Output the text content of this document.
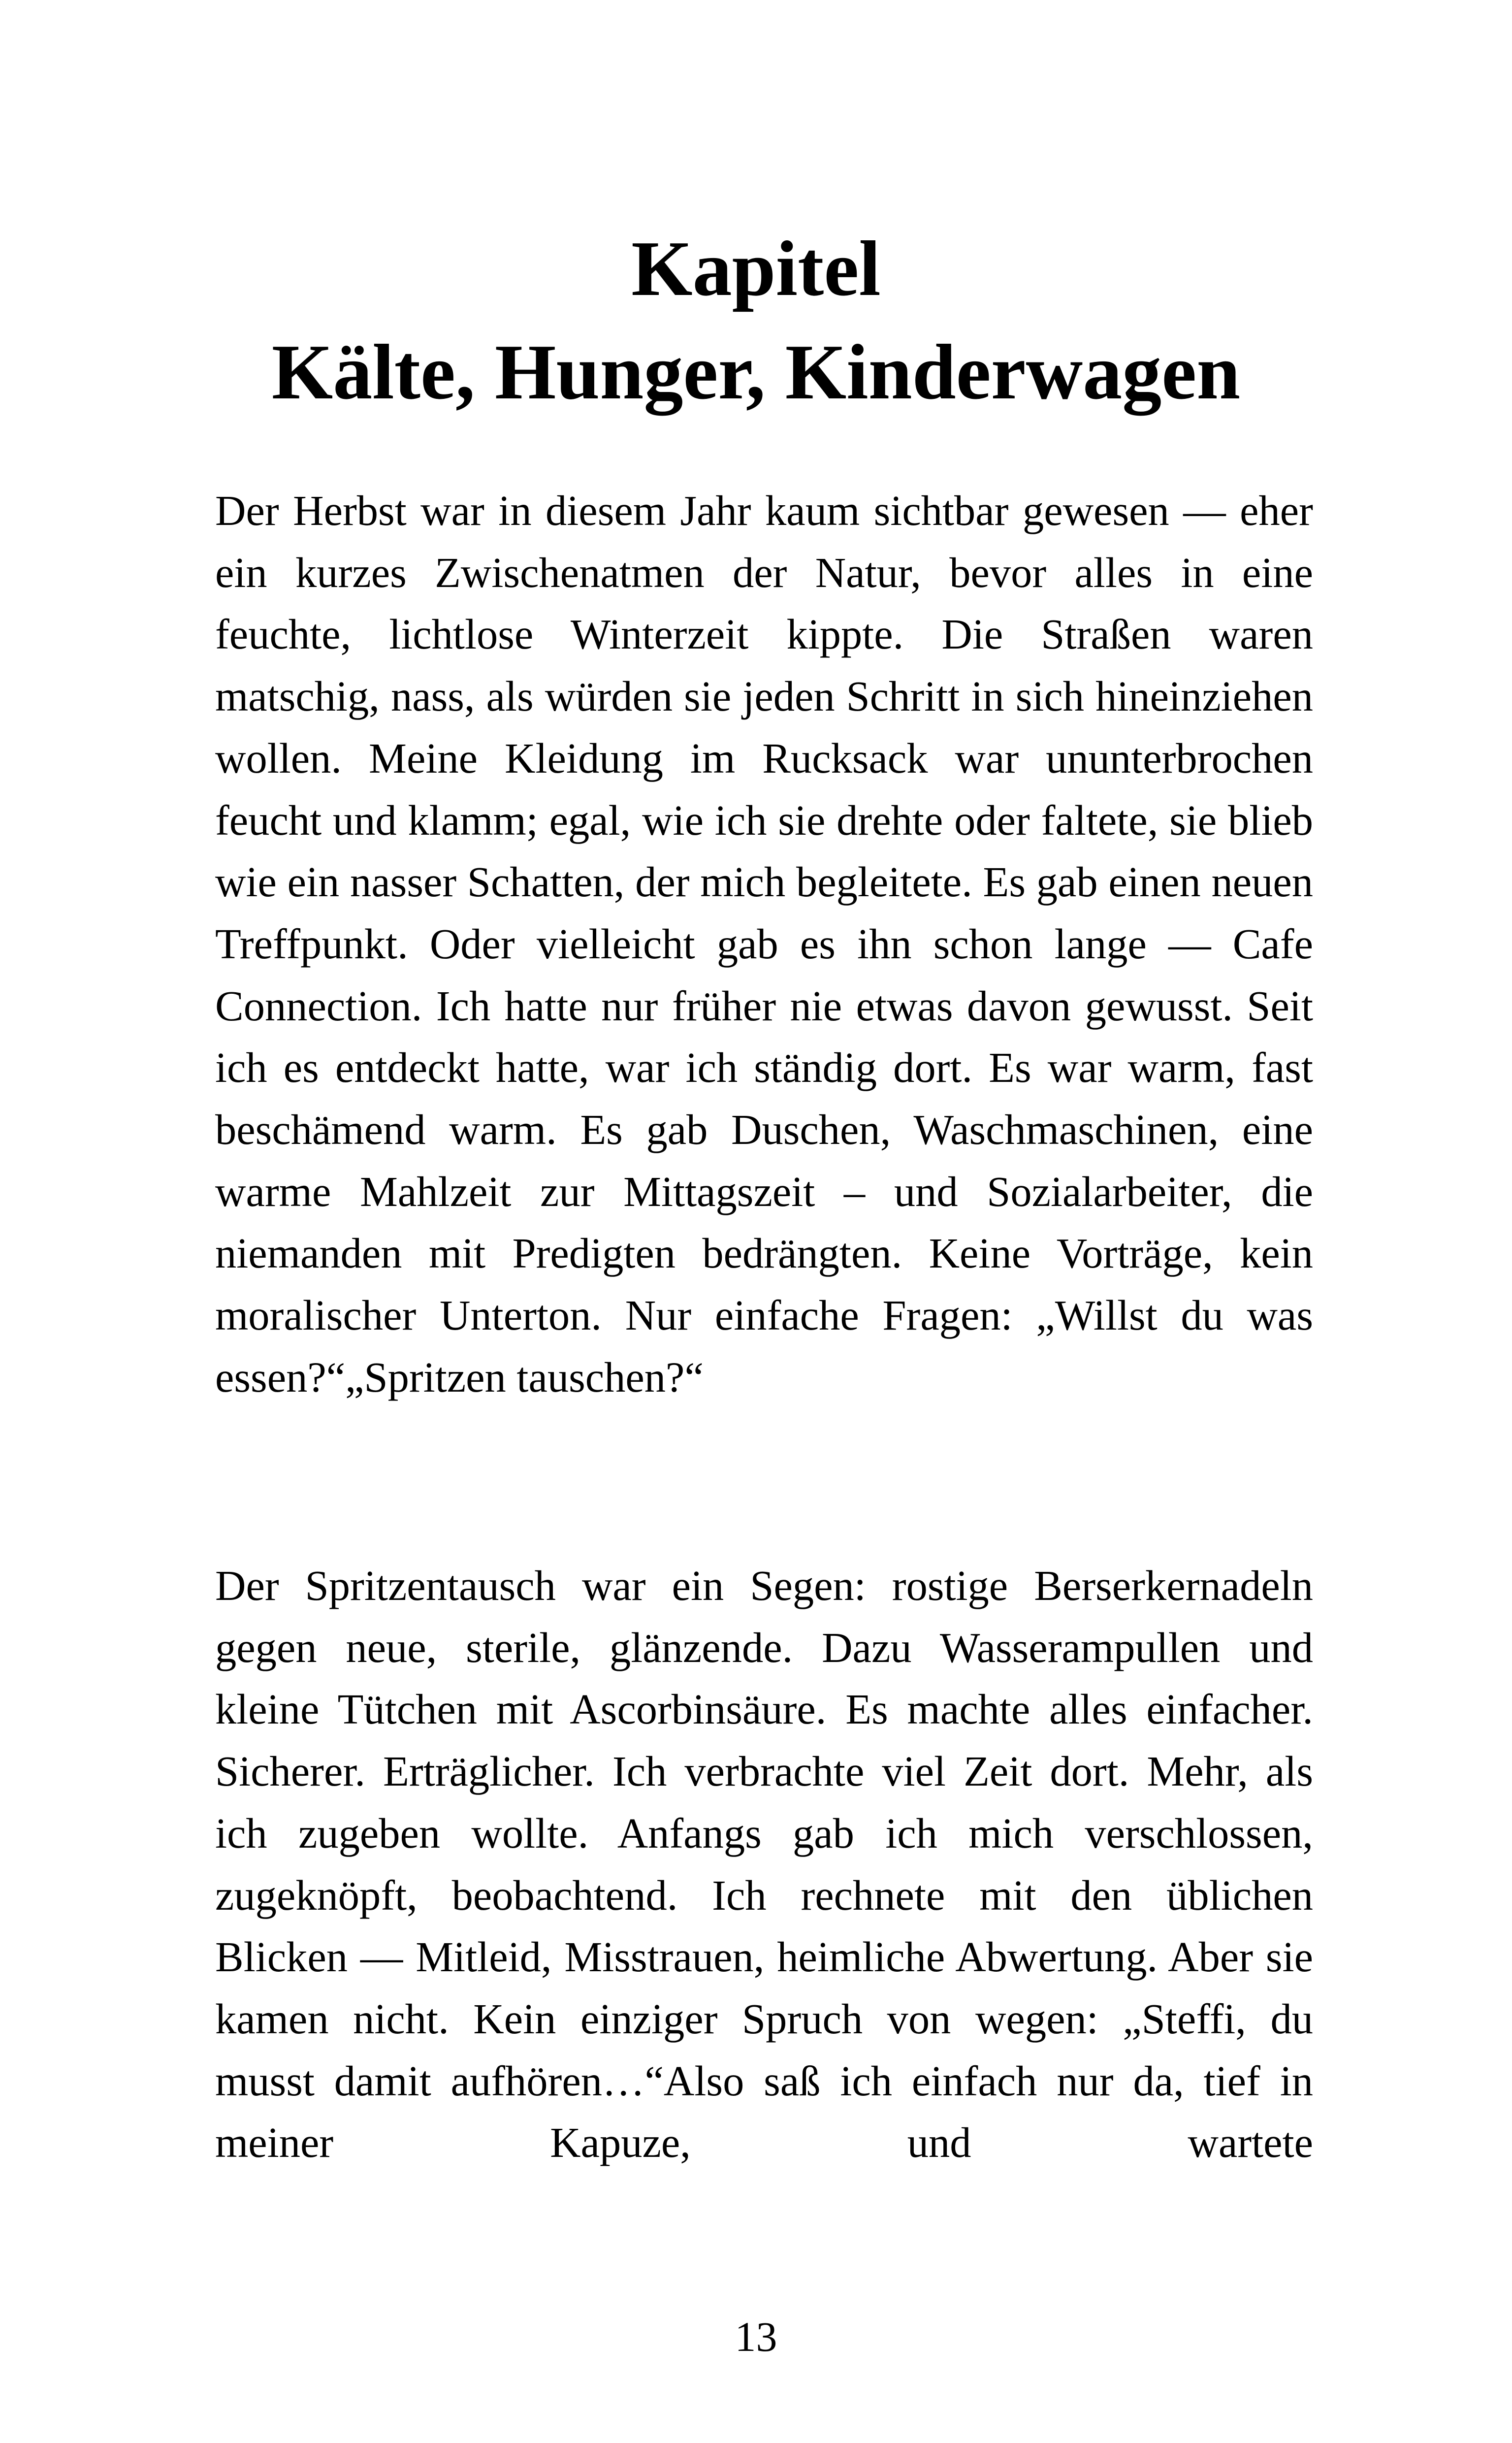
Kapitel
Kälte, Hunger, Kinderwagen

Der Herbst war in diesem Jahr kaum sichtbar gewesen — eher ein kurzes Zwischenatmen der Natur, bevor alles in eine feuchte, lichtlose Winterzeit kippte. Die Straßen waren matschig, nass, als würden sie jeden Schritt in sich hineinziehen wollen. Meine Kleidung im Rucksack war ununterbrochen feucht und klamm; egal, wie ich sie drehte oder faltete, sie blieb wie ein nasser Schatten, der mich begleitete. Es gab einen neuen Treffpunkt. Oder vielleicht gab es ihn schon lange — Cafe Connection. Ich hatte nur früher nie etwas davon gewusst. Seit ich es entdeckt hatte, war ich ständig dort. Es war warm, fast beschämend warm. Es gab Duschen, Waschmaschinen, eine warme Mahlzeit zur Mittagszeit – und Sozialarbeiter, die niemanden mit Predigten bedrängten. Keine Vorträge, kein moralischer Unterton. Nur einfache Fragen: „Willst du was essen?“„Spritzen tauschen?“

Der Spritzentausch war ein Segen: rostige Berserkernadeln gegen neue, sterile, glänzende. Dazu Wasserampullen und kleine Tütchen mit Ascorbinsäure. Es machte alles einfacher. Sicherer. Erträglicher. Ich verbrachte viel Zeit dort. Mehr, als ich zugeben wollte. Anfangs gab ich mich verschlossen, zugeknöpft, beobachtend. Ich rechnete mit den üblichen Blicken — Mitleid, Misstrauen, heimliche Abwertung. Aber sie kamen nicht. Kein einziger Spruch von wegen: „Steffi, du musst damit aufhören…“Also saß ich einfach nur da, tief in meiner Kapuze, und wartete

13
